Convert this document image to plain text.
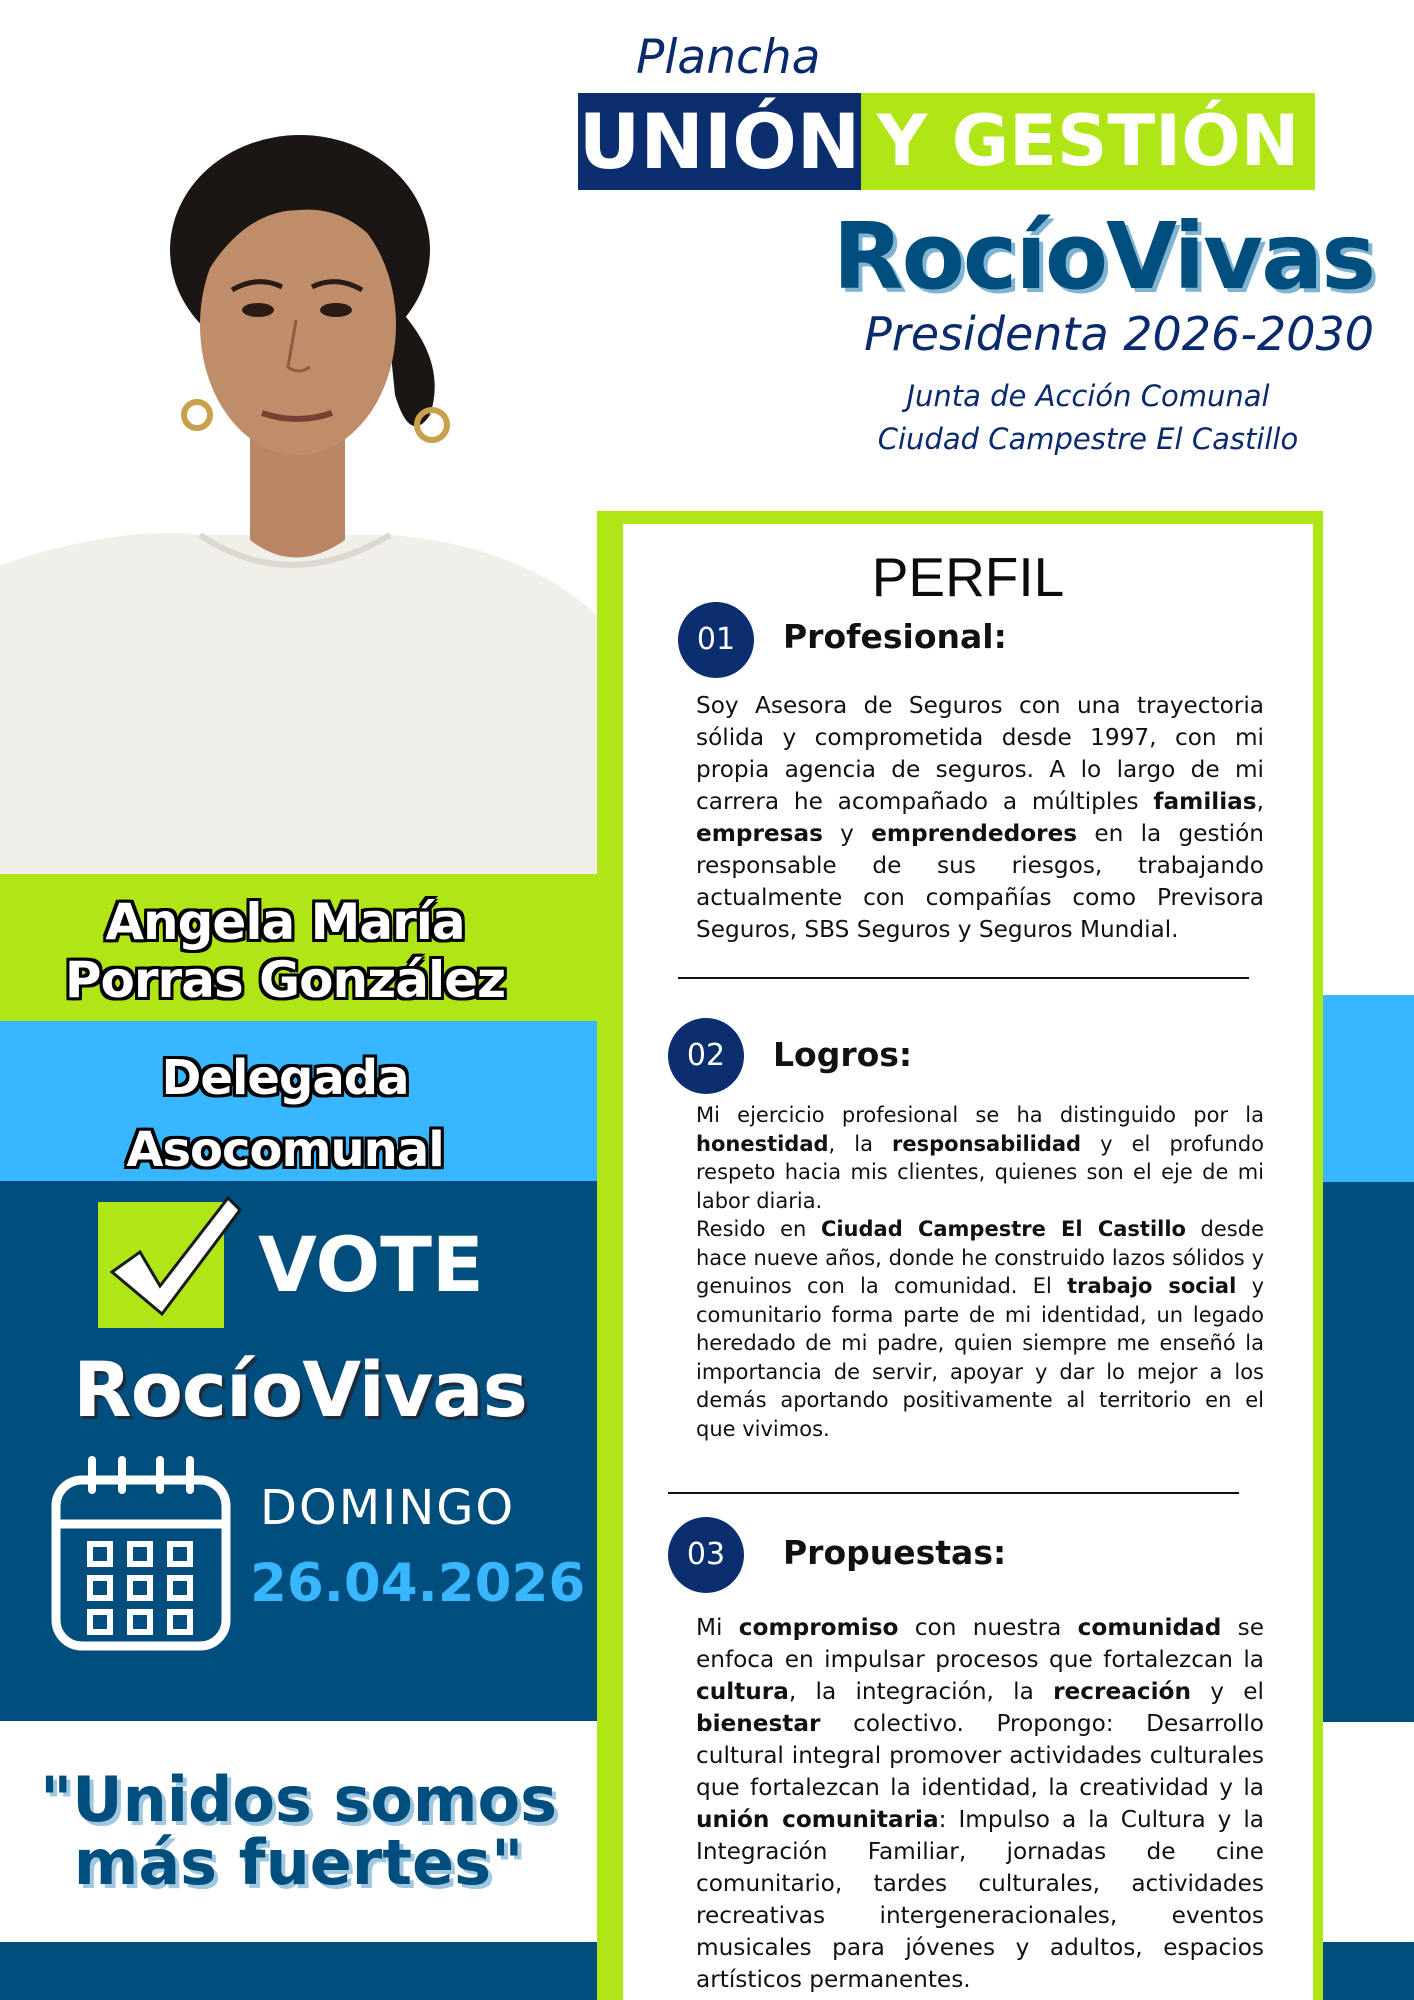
Plancha
UNIÓN Y GESTIÓN
RocíoVivas
Presidenta 2026-2030
Junta de Acción Comunal
Ciudad Campestre El Castillo
Angela María
Porras González
Delegada
Asocomunal
VOTE
RocíoVivas
DOMINGO
26.04.2026
"Unidos somos
más fuertes"
PERFIL
01	Profesional:
Soy Asesora de Seguros con una trayectoria sólida y comprometida desde 1997, con mi propia agencia de seguros. A lo largo de mi carrera he acompañado a múltiples familias, empresas y emprendedores en la gestión responsable de sus riesgos, trabajando actualmente con compañías como Previsora Seguros, SBS Seguros y Seguros Mundial.
02	Logros:
Mi ejercicio profesional se ha distinguido por la honestidad, la responsabilidad y el profundo respeto hacia mis clientes, quienes son el eje de mi labor diaria.
Resido en Ciudad Campestre El Castillo desde hace nueve años, donde he construido lazos sólidos y genuinos con la comunidad. El trabajo social y comunitario forma parte de mi identidad, un legado heredado de mi padre, quien siempre me enseñó la importancia de servir, apoyar y dar lo mejor a los demás aportando positivamente al territorio en el que vivimos.
03	Propuestas:
Mi compromiso con nuestra comunidad se enfoca en impulsar procesos que fortalezcan la cultura, la integración, la recreación y el bienestar colectivo. Propongo: Desarrollo cultural integral promover actividades culturales que fortalezcan la identidad, la creatividad y la unión comunitaria: Impulso a la Cultura y la Integración Familiar, jornadas de cine comunitario, tardes culturales, actividades recreativas intergeneracionales, eventos musicales para jóvenes y adultos, espacios artísticos permanentes.
